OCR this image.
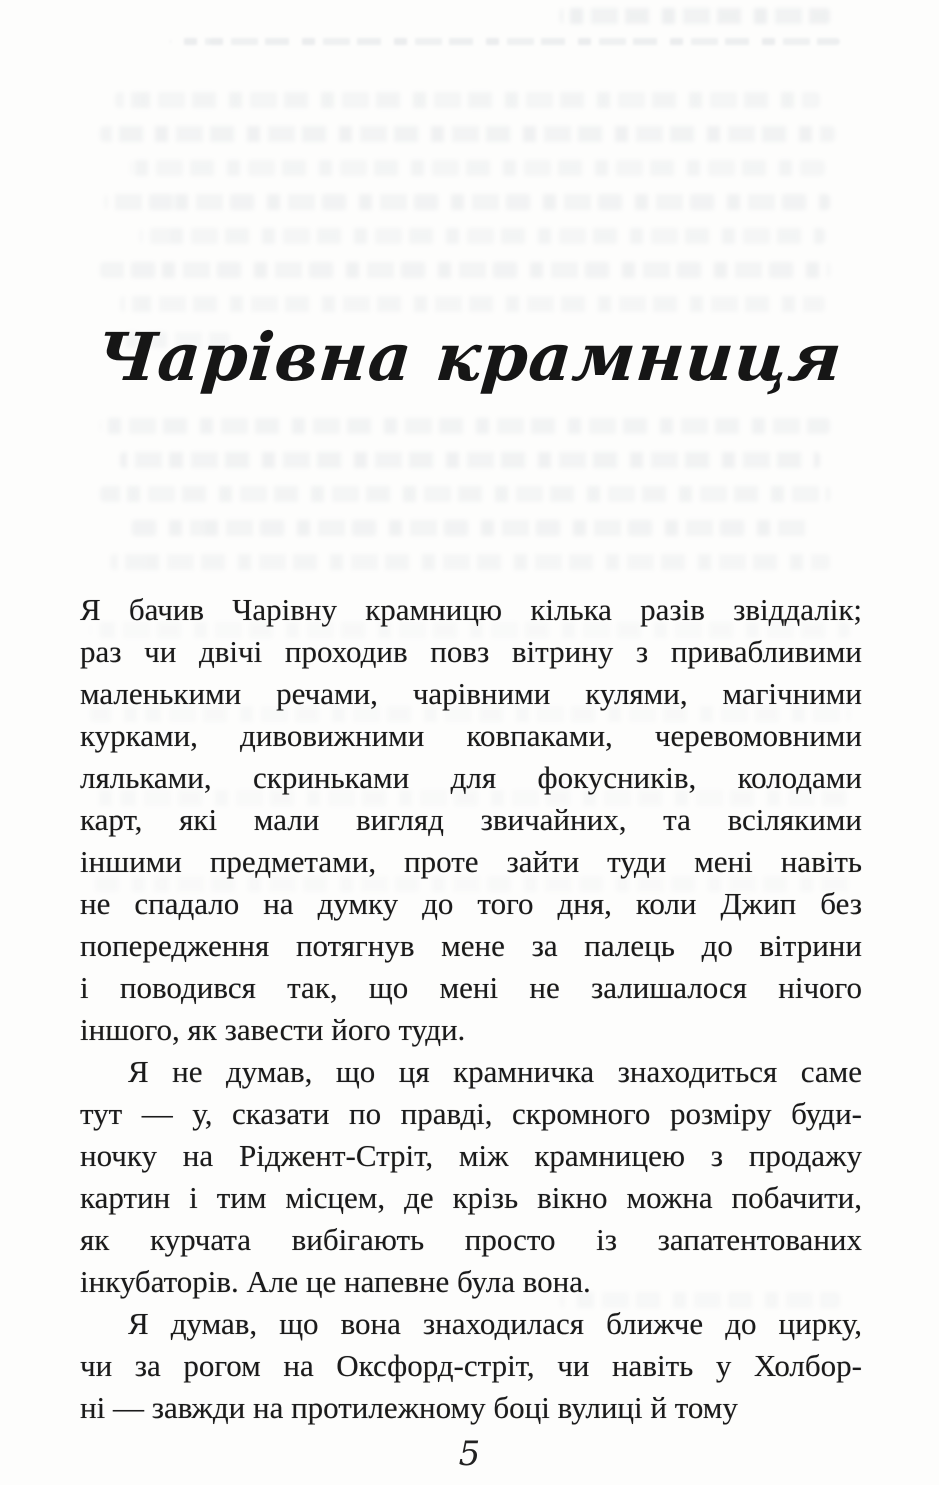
Чарівна крамниця
Я бачив Чарівну крамницю кілька разів звіддалік;
раз чи двічі проходив повз вітрину з привабливими
маленькими речами, чарівними кулями, магічними
курками, дивовижними ковпаками, черевомовними
ляльками, скриньками для фокусників, колодами
карт, які мали вигляд звичайних, та всілякими
іншими предметами, проте зайти туди мені навіть
не спадало на думку до того дня, коли Джип без
попередження потягнув мене за палець до вітрини
і поводився так, що мені не залишалося нічого
іншого, як завести його туди.
Я не думав, що ця крамничка знаходиться саме
тут — у, сказати по правді, скромного розміру буди-
ночку на Ріджент-Стріт, між крамницею з продажу
картин і тим місцем, де крізь вікно можна побачити,
як курчата вибігають просто із запатентованих
інкубаторів. Але це напевне була вона.
Я думав, що вона знаходилася ближче до цирку,
чи за рогом на Оксфорд-стріт, чи навіть у Холбор-
ні — завжди на протилежному боці вулиці й тому
5
